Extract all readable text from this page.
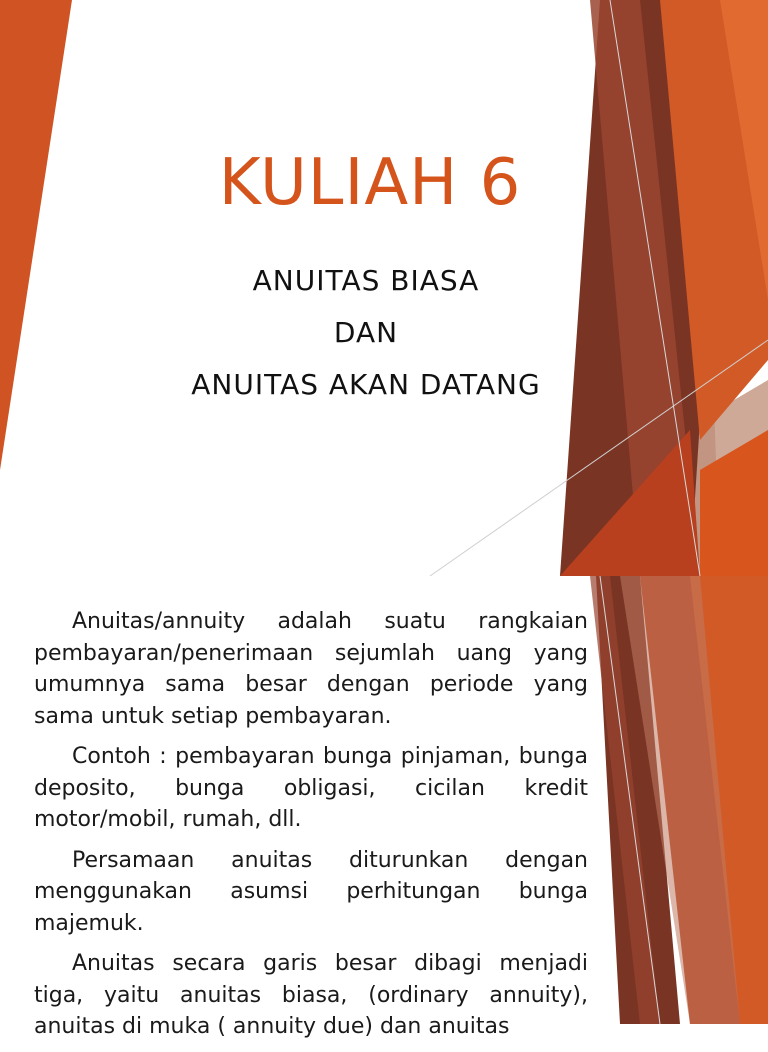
KULIAH 6
ANUITAS BIASA
DAN
ANUITAS AKAN DATANG

Anuitas/annuity adalah suatu rangkaian pembayaran/penerimaan sejumlah uang yang umumnya sama besar dengan periode yang sama untuk setiap pembayaran.

Contoh : pembayaran bunga pinjaman, bunga deposito, bunga obligasi, cicilan kredit motor/mobil, rumah, dll.

Persamaan anuitas diturunkan dengan menggunakan asumsi perhitungan bunga majemuk.

Anuitas secara garis besar dibagi menjadi tiga, yaitu anuitas biasa, (ordinary annuity), anuitas di muka ( annuity due) dan anuitas
